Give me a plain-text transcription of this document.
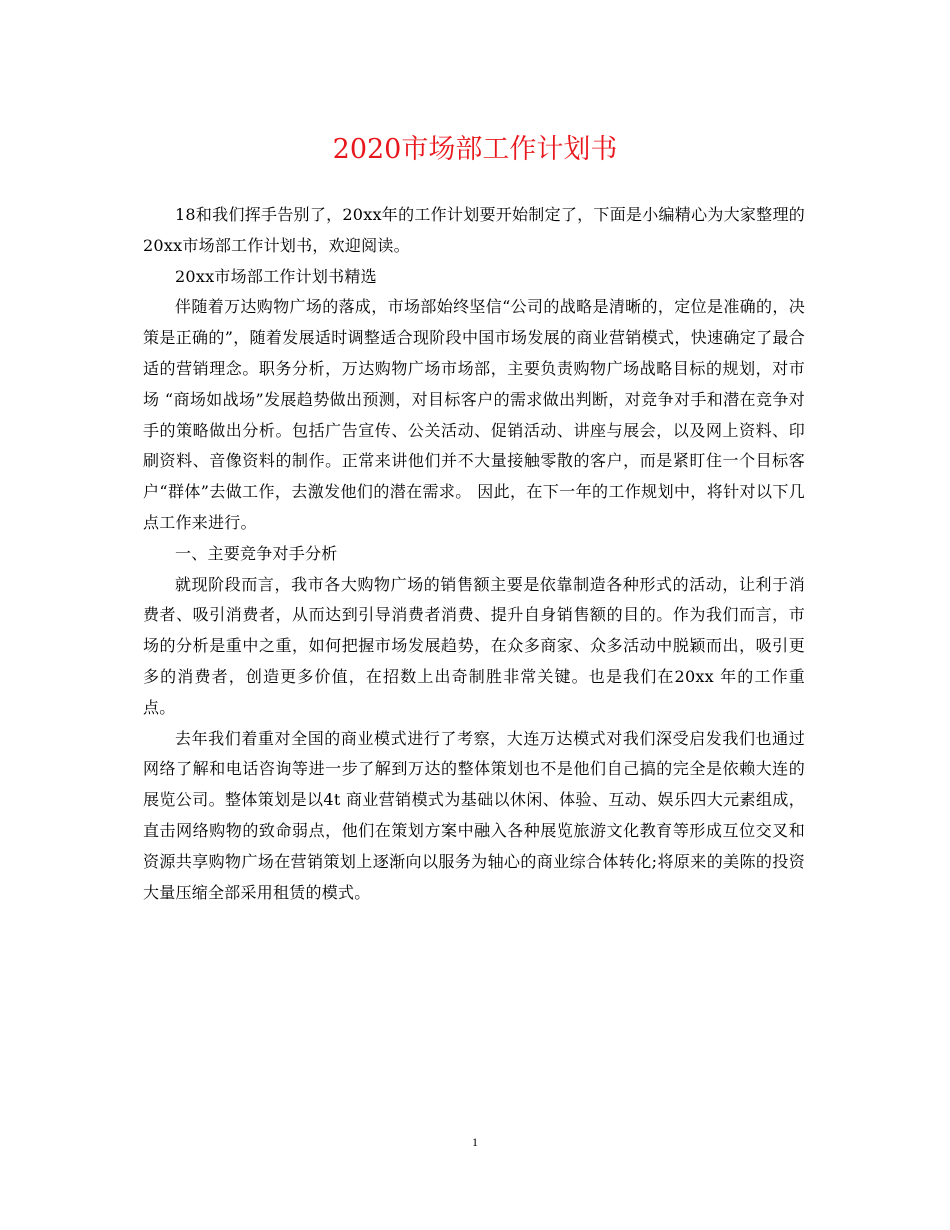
2020市场部工作计划书

18和我们挥手告别了，20xx年的工作计划要开始制定了，下面是小编精心为大家整理的20xx市场部工作计划书，欢迎阅读。

20xx市场部工作计划书精选

伴随着万达购物广场的落成，市场部始终坚信“公司的战略是清晰的，定位是准确的，决策是正确的”，随着发展适时调整适合现阶段中国市场发展的商业营销模式，快速确定了最合适的营销理念。职务分析，万达购物广场市场部，主要负责购物广场战略目标的规划，对市场 “商场如战场”发展趋势做出预测，对目标客户的需求做出判断，对竞争对手和潜在竞争对手的策略做出分析。包括广告宣传、公关活动、促销活动、讲座与展会，以及网上资料、印刷资料、音像资料的制作。正常来讲他们并不大量接触零散的客户，而是紧盯住一个目标客户“群体”去做工作，去激发他们的潜在需求。 因此，在下一年的工作规划中，将针对以下几点工作来进行。

一、主要竞争对手分析

就现阶段而言，我市各大购物广场的销售额主要是依靠制造各种形式的活动，让利于消费者、吸引消费者，从而达到引导消费者消费、提升自身销售额的目的。作为我们而言，市场的分析是重中之重，如何把握市场发展趋势，在众多商家、众多活动中脱颖而出，吸引更多的消费者，创造更多价值，在招数上出奇制胜非常关键。也是我们在20xx 年的工作重点。

去年我们着重对全国的商业模式进行了考察，大连万达模式对我们深受启发我们也通过网络了解和电话咨询等进一步了解到万达的整体策划也不是他们自己搞的完全是依赖大连的展览公司。整体策划是以4t 商业营销模式为基础以休闲、体验、互动、娱乐四大元素组成，直击网络购物的致命弱点，他们在策划方案中融入各种展览旅游文化教育等形成互位交叉和资源共享购物广场在营销策划上逐渐向以服务为轴心的商业综合体转化;将原来的美陈的投资大量压缩全部采用租赁的模式。

1
